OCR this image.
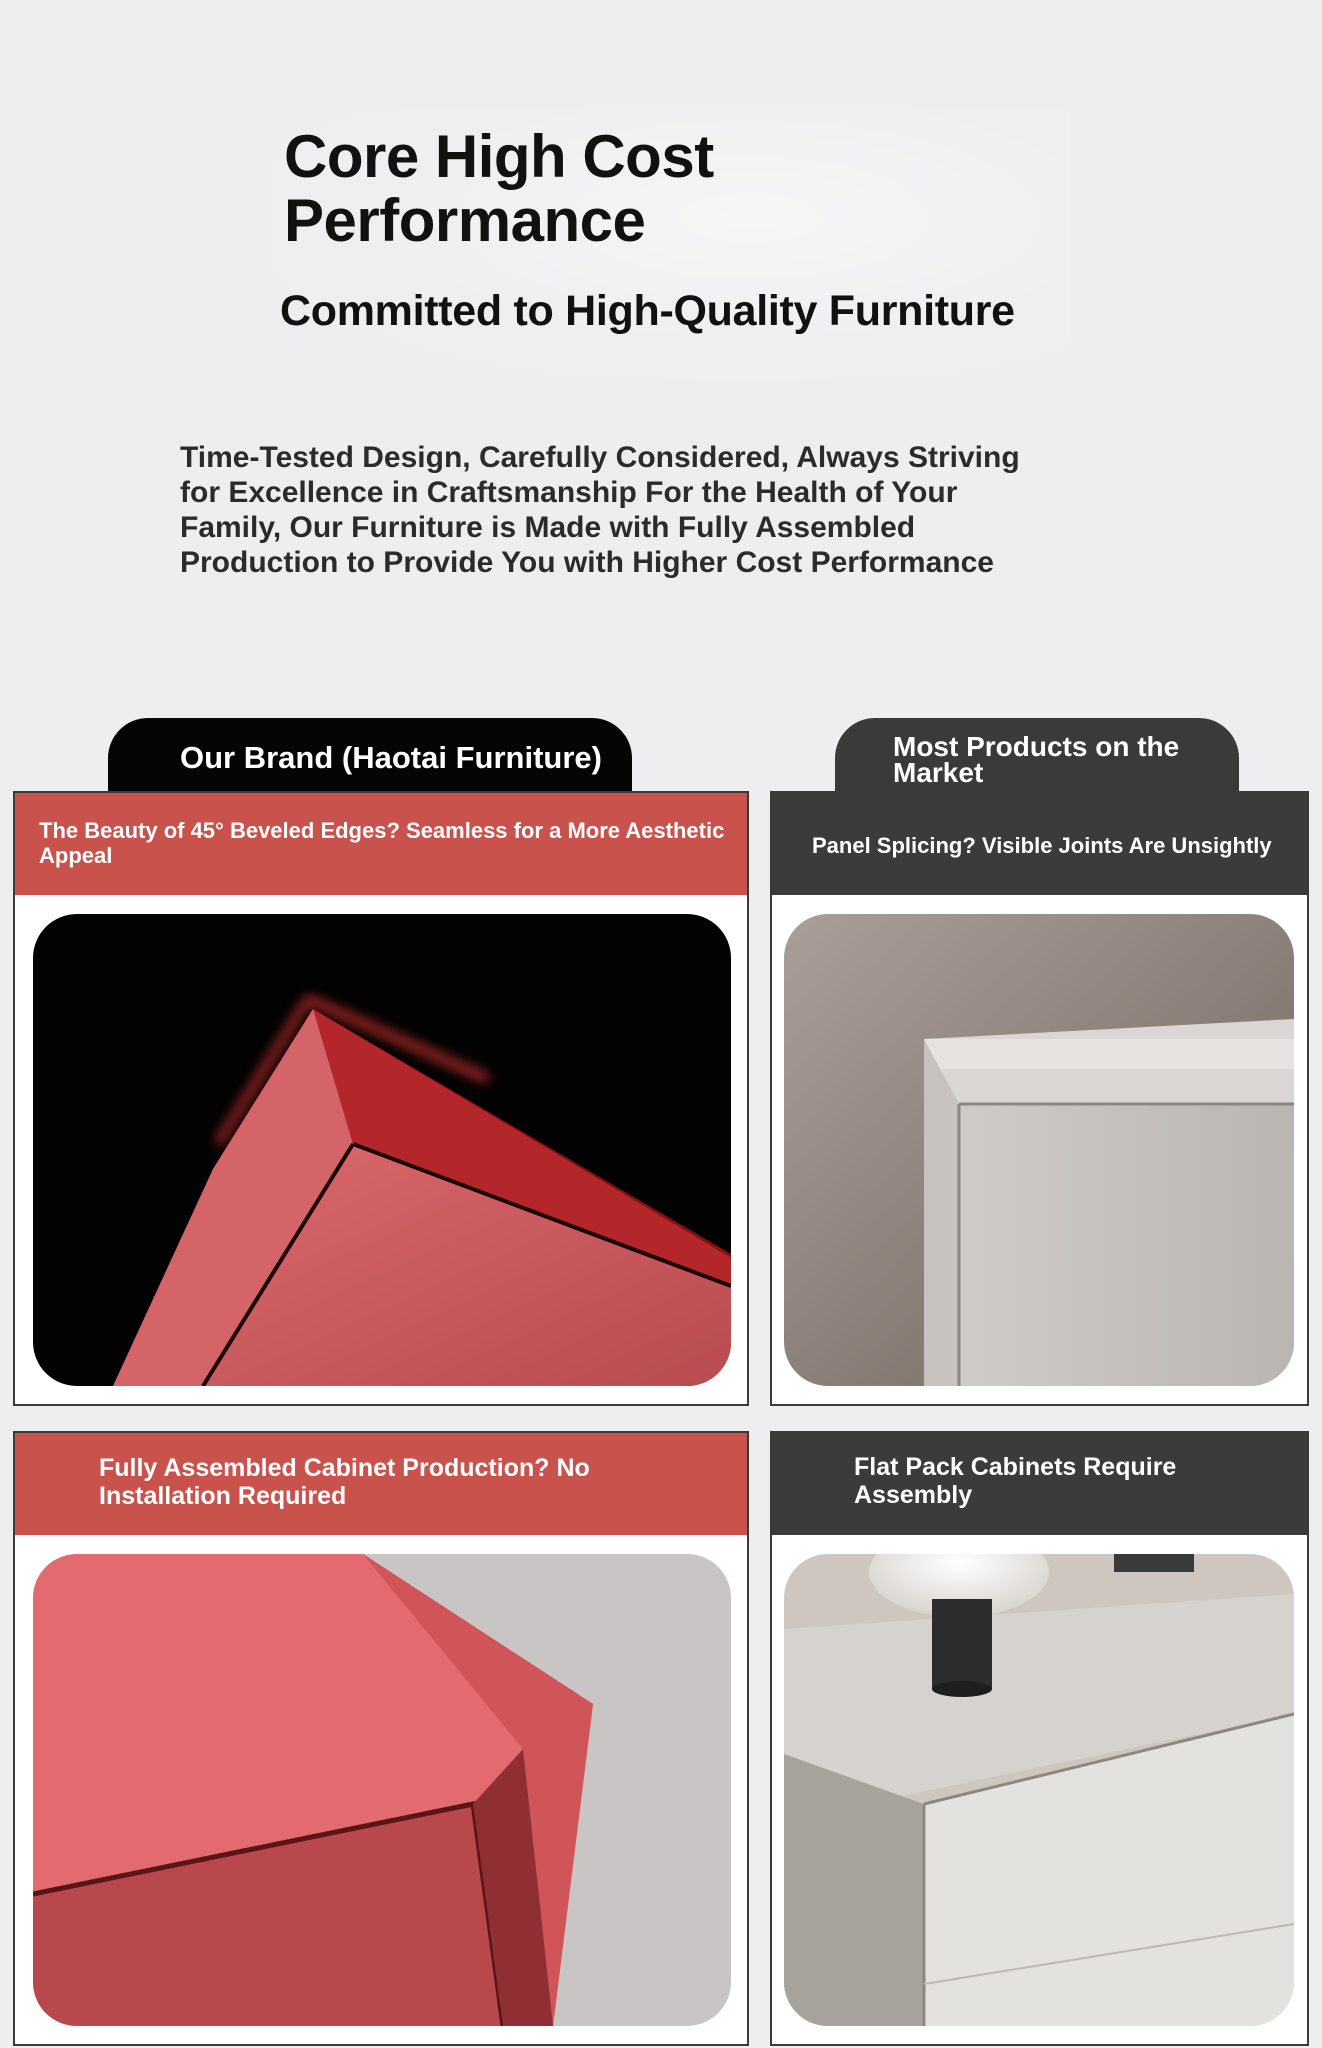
Core High Cost Performance
Committed to High-Quality Furniture
Time-Tested Design, Carefully Considered, Always Striving for Excellence in Craftsmanship For the Health of Your Family, Our Furniture is Made with Fully Assembled Production to Provide You with Higher Cost Performance
Our Brand (Haotai Furniture)	Most Products on the Market
The Beauty of 45° Beveled Edges? Seamless for a More Aesthetic Appeal	Panel Splicing? Visible Joints Are Unsightly
Fully Assembled Cabinet Production? No Installation Required
Flat Pack Cabinets Require Assembly
